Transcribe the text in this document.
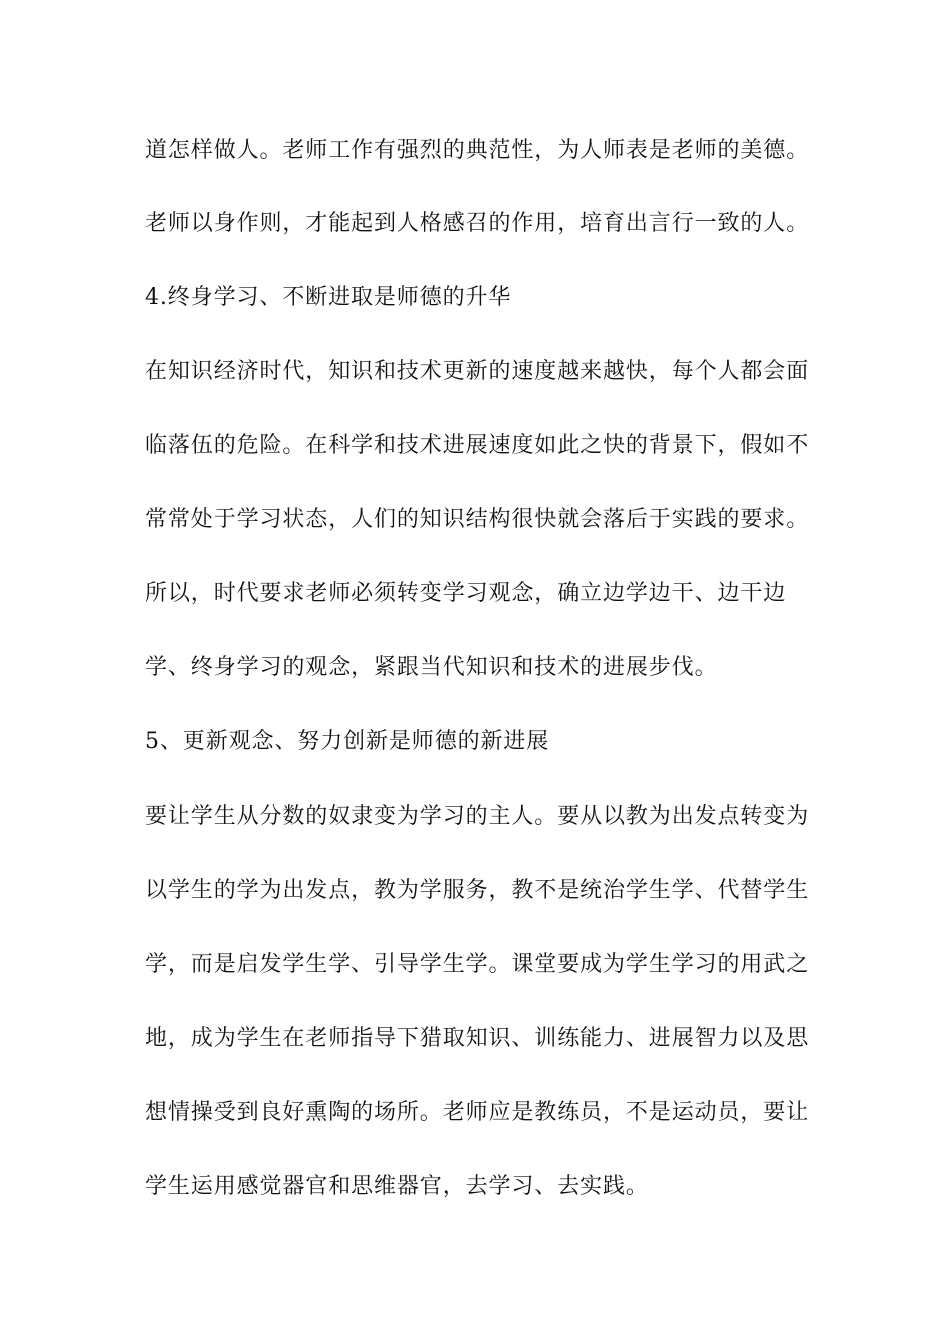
道怎样做人。老师工作有强烈的典范性，为人师表是老师的美德。

老师以身作则，才能起到人格感召的作用，培育出言行一致的人。

4.终身学习、不断进取是师德的升华

在知识经济时代，知识和技术更新的速度越来越快，每个人都会面

临落伍的危险。在科学和技术进展速度如此之快的背景下，假如不

常常处于学习状态，人们的知识结构很快就会落后于实践的要求。

所以，时代要求老师必须转变学习观念，确立边学边干、边干边

学、终身学习的观念，紧跟当代知识和技术的进展步伐。

5、更新观念、努力创新是师德的新进展

要让学生从分数的奴隶变为学习的主人。要从以教为出发点转变为

以学生的学为出发点，教为学服务，教不是统治学生学、代替学生

学，而是启发学生学、引导学生学。课堂要成为学生学习的用武之

地，成为学生在老师指导下猎取知识、训练能力、进展智力以及思

想情操受到良好熏陶的场所。老师应是教练员，不是运动员，要让

学生运用感觉器官和思维器官，去学习、去实践。
